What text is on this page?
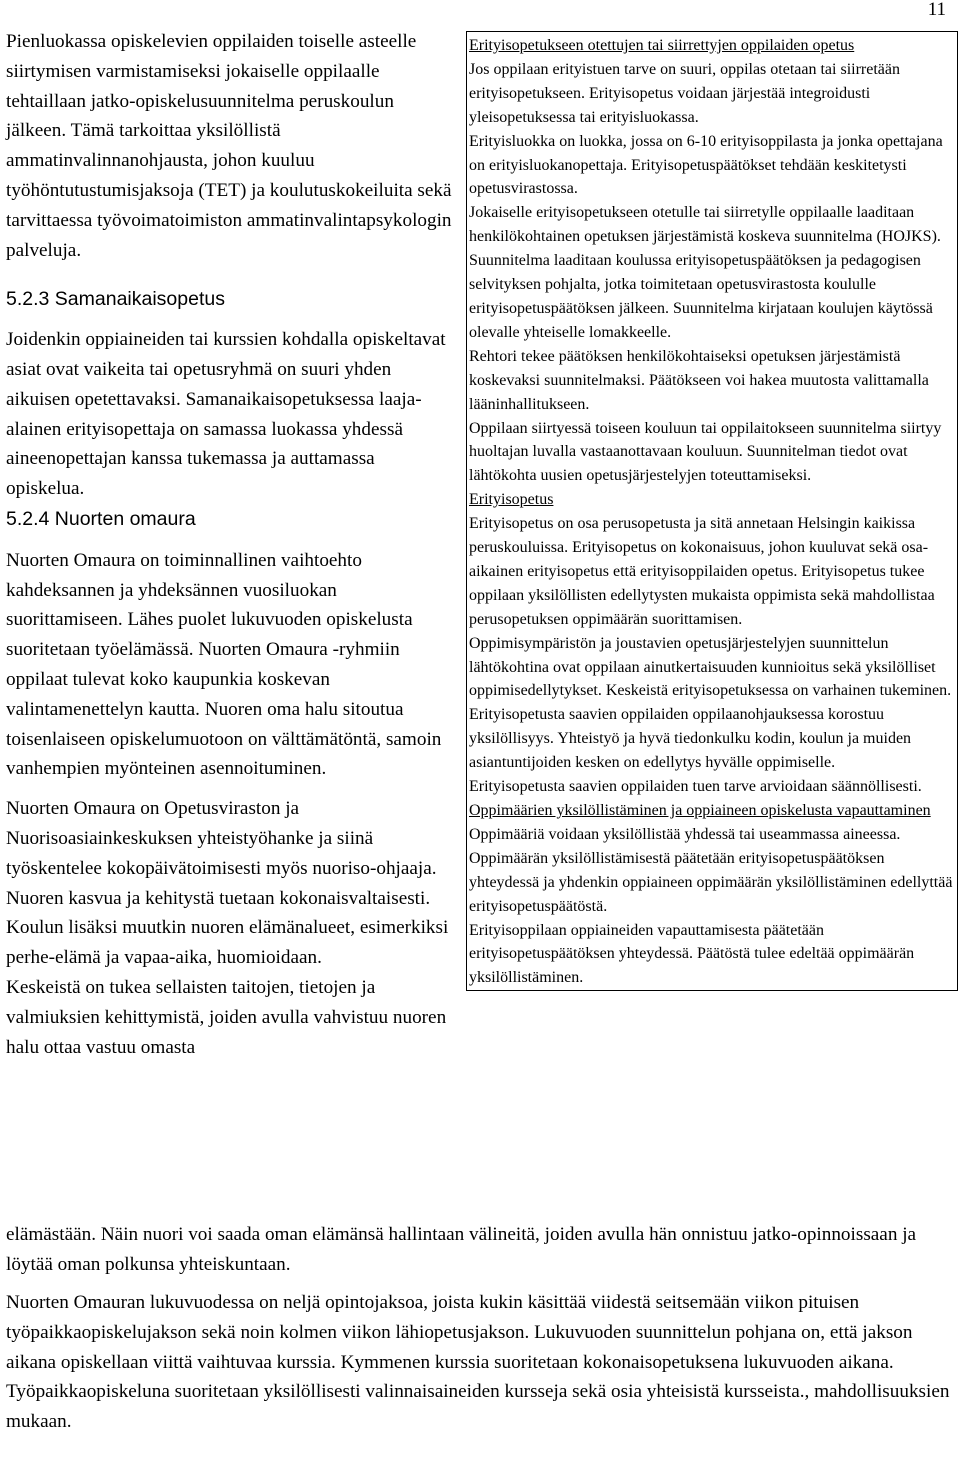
11

Pienluokassa opiskelevien oppilaiden toiselle asteelle siirtymisen varmistamiseksi jokaiselle oppilaalle tehtaillaan jatko-opiskelusuunnitelma peruskoulun jälkeen. Tämä tarkoittaa yksilöllistä ammatinvalinnanohjausta, johon kuuluu työhöntutustumisjaksoja (TET) ja koulutuskokeiluita sekä tarvittaessa työvoimatoimiston ammatinvalintapsykologin palveluja.

5.2.3 Samanaikaisopetus

Joidenkin oppiaineiden tai kurssien kohdalla opiskeltavat asiat ovat vaikeita tai opetusryhmä on suuri yhden aikuisen opetettavaksi. Samanaikaisopetuksessa laaja-alainen erityisopettaja on samassa luokassa yhdessä aineenopettajan kanssa tukemassa ja auttamassa opiskelua.

5.2.4 Nuorten omaura

Nuorten Omaura on toiminnallinen vaihtoehto kahdeksannen ja yhdeksännen vuosiluokan suorittamiseen. Lähes puolet lukuvuoden opiskelusta suoritetaan työelämässä. Nuorten Omaura -ryhmiin oppilaat tulevat koko kaupunkia koskevan valintamenettelyn kautta. Nuoren oma halu sitoutua toisenlaiseen opiskelumuotoon on välttämätöntä, samoin vanhempien myönteinen asennoituminen.

Nuorten Omaura on Opetusviraston ja Nuorisoasiainkeskuksen yhteistyöhanke ja siinä työskentelee kokopäivätoimisesti myös nuoriso-ohjaaja. Nuoren kasvua ja kehitystä tuetaan kokonaisvaltaisesti. Koulun lisäksi muutkin nuoren elämänalueet, esimerkiksi perhe-elämä ja vapaa-aika, huomioidaan.

Keskeistä on tukea sellaisten taitojen, tietojen ja valmiuksien kehittymistä, joiden avulla vahvistuu nuoren halu ottaa vastuu omasta

Erityisopetukseen otettujen tai siirrettyjen oppilaiden opetus

Jos oppilaan erityistuen tarve on suuri, oppilas otetaan tai siirretään erityisopetukseen. Erityisopetus voidaan järjestää integroidusti yleisopetuksessa tai erityisluokassa.

Erityisluokka on luokka, jossa on 6-10 erityisoppilasta ja jonka opettajana on erityisluokanopettaja. Erityisopetuspäätökset tehdään keskitetysti opetusvirastossa.

Jokaiselle erityisopetukseen otetulle tai siirretylle oppilaalle laaditaan henkilökohtainen opetuksen järjestämistä koskeva suunnitelma (HOJKS). Suunnitelma laaditaan koulussa erityisopetuspäätöksen ja pedagogisen selvityksen pohjalta, jotka toimitetaan opetusvirastosta koululle erityisopetuspäätöksen jälkeen. Suunnitelma kirjataan koulujen käytössä olevalle yhteiselle lomakkeelle.

Rehtori tekee päätöksen henkilökohtaiseksi opetuksen järjestämistä koskevaksi suunnitelmaksi. Päätökseen voi hakea muutosta valittamalla lääninhallitukseen.

Oppilaan siirtyessä toiseen kouluun tai oppilaitokseen suunnitelma siirtyy huoltajan luvalla vastaanottavaan kouluun. Suunnitelman tiedot ovat lähtökohta uusien opetusjärjestelyjen toteuttamiseksi.

Erityisopetus

Erityisopetus on osa perusopetusta ja sitä annetaan Helsingin kaikissa peruskouluissa. Erityisopetus on kokonaisuus, johon kuuluvat sekä osa-aikainen erityisopetus että erityisoppilaiden opetus. Erityisopetus tukee oppilaan yksilöllisten edellytysten mukaista oppimista sekä mahdollistaa perusopetuksen oppimäärän suorittamisen.

Oppimisympäristön ja joustavien opetusjärjestelyjen suunnittelun lähtökohtina ovat oppilaan ainutkertaisuuden kunnioitus sekä yksilölliset oppimisedellytykset. Keskeistä erityisopetuksessa on varhainen tukeminen. Erityisopetusta saavien oppilaiden oppilaanohjauksessa korostuu yksilöllisyys. Yhteistyö ja hyvä tiedonkulku kodin, koulun ja muiden asiantuntijoiden kesken on edellytys hyvälle oppimiselle.

Erityisopetusta saavien oppilaiden tuen tarve arvioidaan säännöllisesti.

Oppimäärien yksilöllistäminen ja oppiaineen opiskelusta vapauttaminen

Oppimääriä voidaan yksilöllistää yhdessä tai useammassa aineessa. Oppimäärän yksilöllistämisestä päätetään erityisopetuspäätöksen yhteydessä ja yhdenkin oppiaineen oppimäärän yksilöllistäminen edellyttää erityisopetuspäätöstä.

Erityisoppilaan oppiaineiden vapauttamisesta päätetään erityisopetuspäätöksen yhteydessä. Päätöstä tulee edeltää oppimäärän yksilöllistäminen.

elämästään. Näin nuori voi saada oman elämänsä hallintaan välineitä, joiden avulla hän onnistuu jatko-opinnoissaan ja löytää oman polkunsa yhteiskuntaan.

Nuorten Omauran lukuvuodessa on neljä opintojaksoa, joista kukin käsittää viidestä seitsemään viikon pituisen työpaikkaopiskelujakson sekä noin kolmen viikon lähiopetusjakson. Lukuvuoden suunnittelun pohjana on, että jakson aikana opiskellaan viittä vaihtuvaa kurssia. Kymmenen kurssia suoritetaan kokonaisopetuksena lukuvuoden aikana. Työpaikkaopiskeluna suoritetaan yksilöllisesti valinnaisaineiden kursseja sekä osia yhteisistä kursseista., mahdollisuuksien mukaan.
